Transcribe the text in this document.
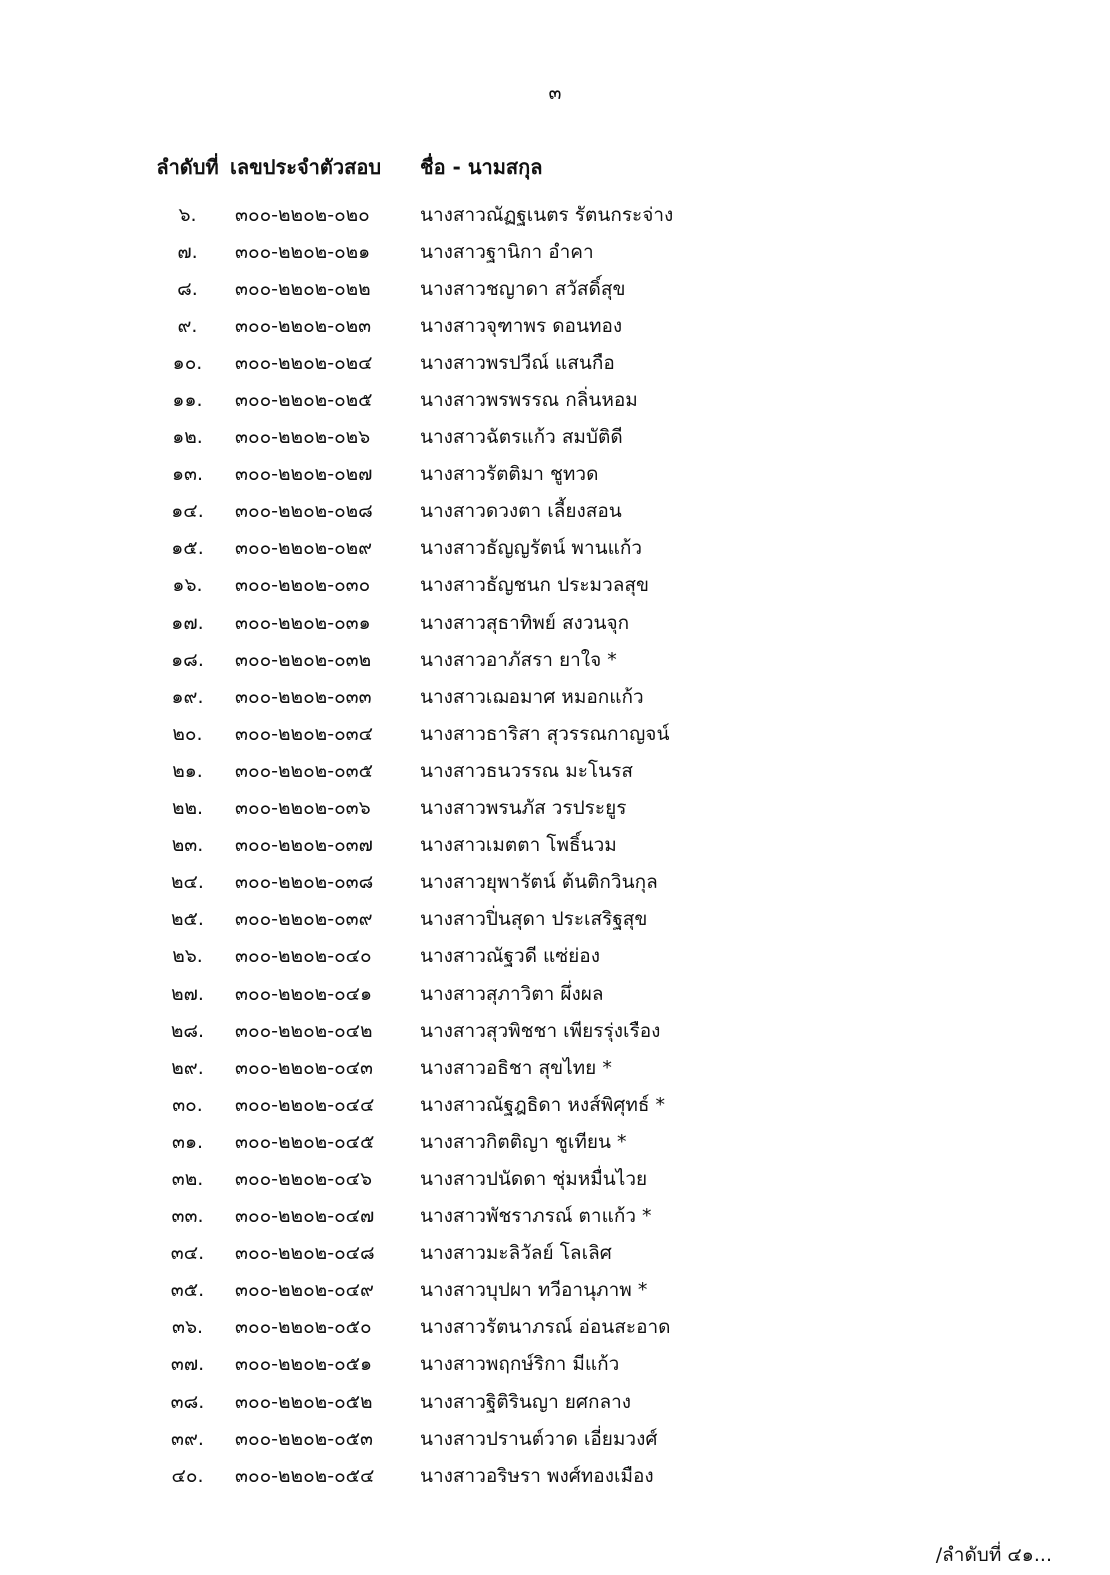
๓
ลำดับที่ เลขประจำตัวสอบ	ชื่อ - นามสกุล
๖.	๓๐๐-๒๒๐๒-๐๒๐	นางสาวณัฏฐเนตร รัตนกระจ่าง
๗.	๓๐๐-๒๒๐๒-๐๒๑	นางสาวฐานิกา อำคา
๘.	๓๐๐-๒๒๐๒-๐๒๒	นางสาวชญาดา สวัสดิ์สุข
๙.	๓๐๐-๒๒๐๒-๐๒๓	นางสาวจุฑาพร ดอนทอง
๑๐.	๓๐๐-๒๒๐๒-๐๒๔	นางสาวพรปวีณ์ แสนกือ
๑๑.	๓๐๐-๒๒๐๒-๐๒๕	นางสาวพรพรรณ กลิ่นหอม
๑๒.	๓๐๐-๒๒๐๒-๐๒๖	นางสาวฉัตรแก้ว สมบัติดี
๑๓.	๓๐๐-๒๒๐๒-๐๒๗	นางสาวรัตติมา ชูทวด
๑๔.	๓๐๐-๒๒๐๒-๐๒๘	นางสาวดวงตา เลี้ยงสอน
๑๕.	๓๐๐-๒๒๐๒-๐๒๙	นางสาวธัญญรัตน์ พานแก้ว
๑๖.	๓๐๐-๒๒๐๒-๐๓๐	นางสาวธัญชนก ประมวลสุข
๑๗.	๓๐๐-๒๒๐๒-๐๓๑	นางสาวสุธาทิพย์ สงวนจุก
๑๘.	๓๐๐-๒๒๐๒-๐๓๒	นางสาวอาภัสรา ยาใจ *
๑๙.	๓๐๐-๒๒๐๒-๐๓๓	นางสาวเฌอมาศ หมอกแก้ว
๒๐.	๓๐๐-๒๒๐๒-๐๓๔	นางสาวธาริสา สุวรรณกาญจน์
๒๑.	๓๐๐-๒๒๐๒-๐๓๕	นางสาวธนวรรณ มะโนรส
๒๒.	๓๐๐-๒๒๐๒-๐๓๖	นางสาวพรนภัส วรประยูร
๒๓.	๓๐๐-๒๒๐๒-๐๓๗	นางสาวเมตตา โพธิ์นวม
๒๔.	๓๐๐-๒๒๐๒-๐๓๘	นางสาวยุพารัตน์ ต้นติกวินกุล
๒๕.	๓๐๐-๒๒๐๒-๐๓๙	นางสาวปิ่นสุดา ประเสริฐสุข
๒๖.	๓๐๐-๒๒๐๒-๐๔๐	นางสาวณัฐวดี แซ่ย่อง
๒๗.	๓๐๐-๒๒๐๒-๐๔๑	นางสาวสุภาวิตา ผึ่งผล
๒๘.	๓๐๐-๒๒๐๒-๐๔๒	นางสาวสุวพิชชา เพียรรุ่งเรือง
๒๙.	๓๐๐-๒๒๐๒-๐๔๓	นางสาวอธิชา สุขไทย *
๓๐.	๓๐๐-๒๒๐๒-๐๔๔	นางสาวณัฐฎธิดา หงส์พิศุทธ์ *
๓๑.	๓๐๐-๒๒๐๒-๐๔๕	นางสาวกิตติญา ชูเทียน *
๓๒.	๓๐๐-๒๒๐๒-๐๔๖	นางสาวปนัดดา ชุ่มหมื่นไวย
๓๓.	๓๐๐-๒๒๐๒-๐๔๗	นางสาวพัชราภรณ์ ตาแก้ว *
๓๔.	๓๐๐-๒๒๐๒-๐๔๘	นางสาวมะลิวัลย์ โลเลิศ
๓๕.	๓๐๐-๒๒๐๒-๐๔๙	นางสาวบุปผา ทวีอานุภาพ *
๓๖.	๓๐๐-๒๒๐๒-๐๕๐	นางสาวรัตนาภรณ์ อ่อนสะอาด
๓๗.	๓๐๐-๒๒๐๒-๐๕๑	นางสาวพฤกษ์ริกา มีแก้ว
๓๘.	๓๐๐-๒๒๐๒-๐๕๒	นางสาวฐิติรินญา ยศกลาง
๓๙.	๓๐๐-๒๒๐๒-๐๕๓	นางสาวปรานต์วาด เอี่ยมวงศ์
๔๐.	๓๐๐-๒๒๐๒-๐๕๔	นางสาวอริษรา พงศ์ทองเมือง
/ลำดับที่ ๔๑...
